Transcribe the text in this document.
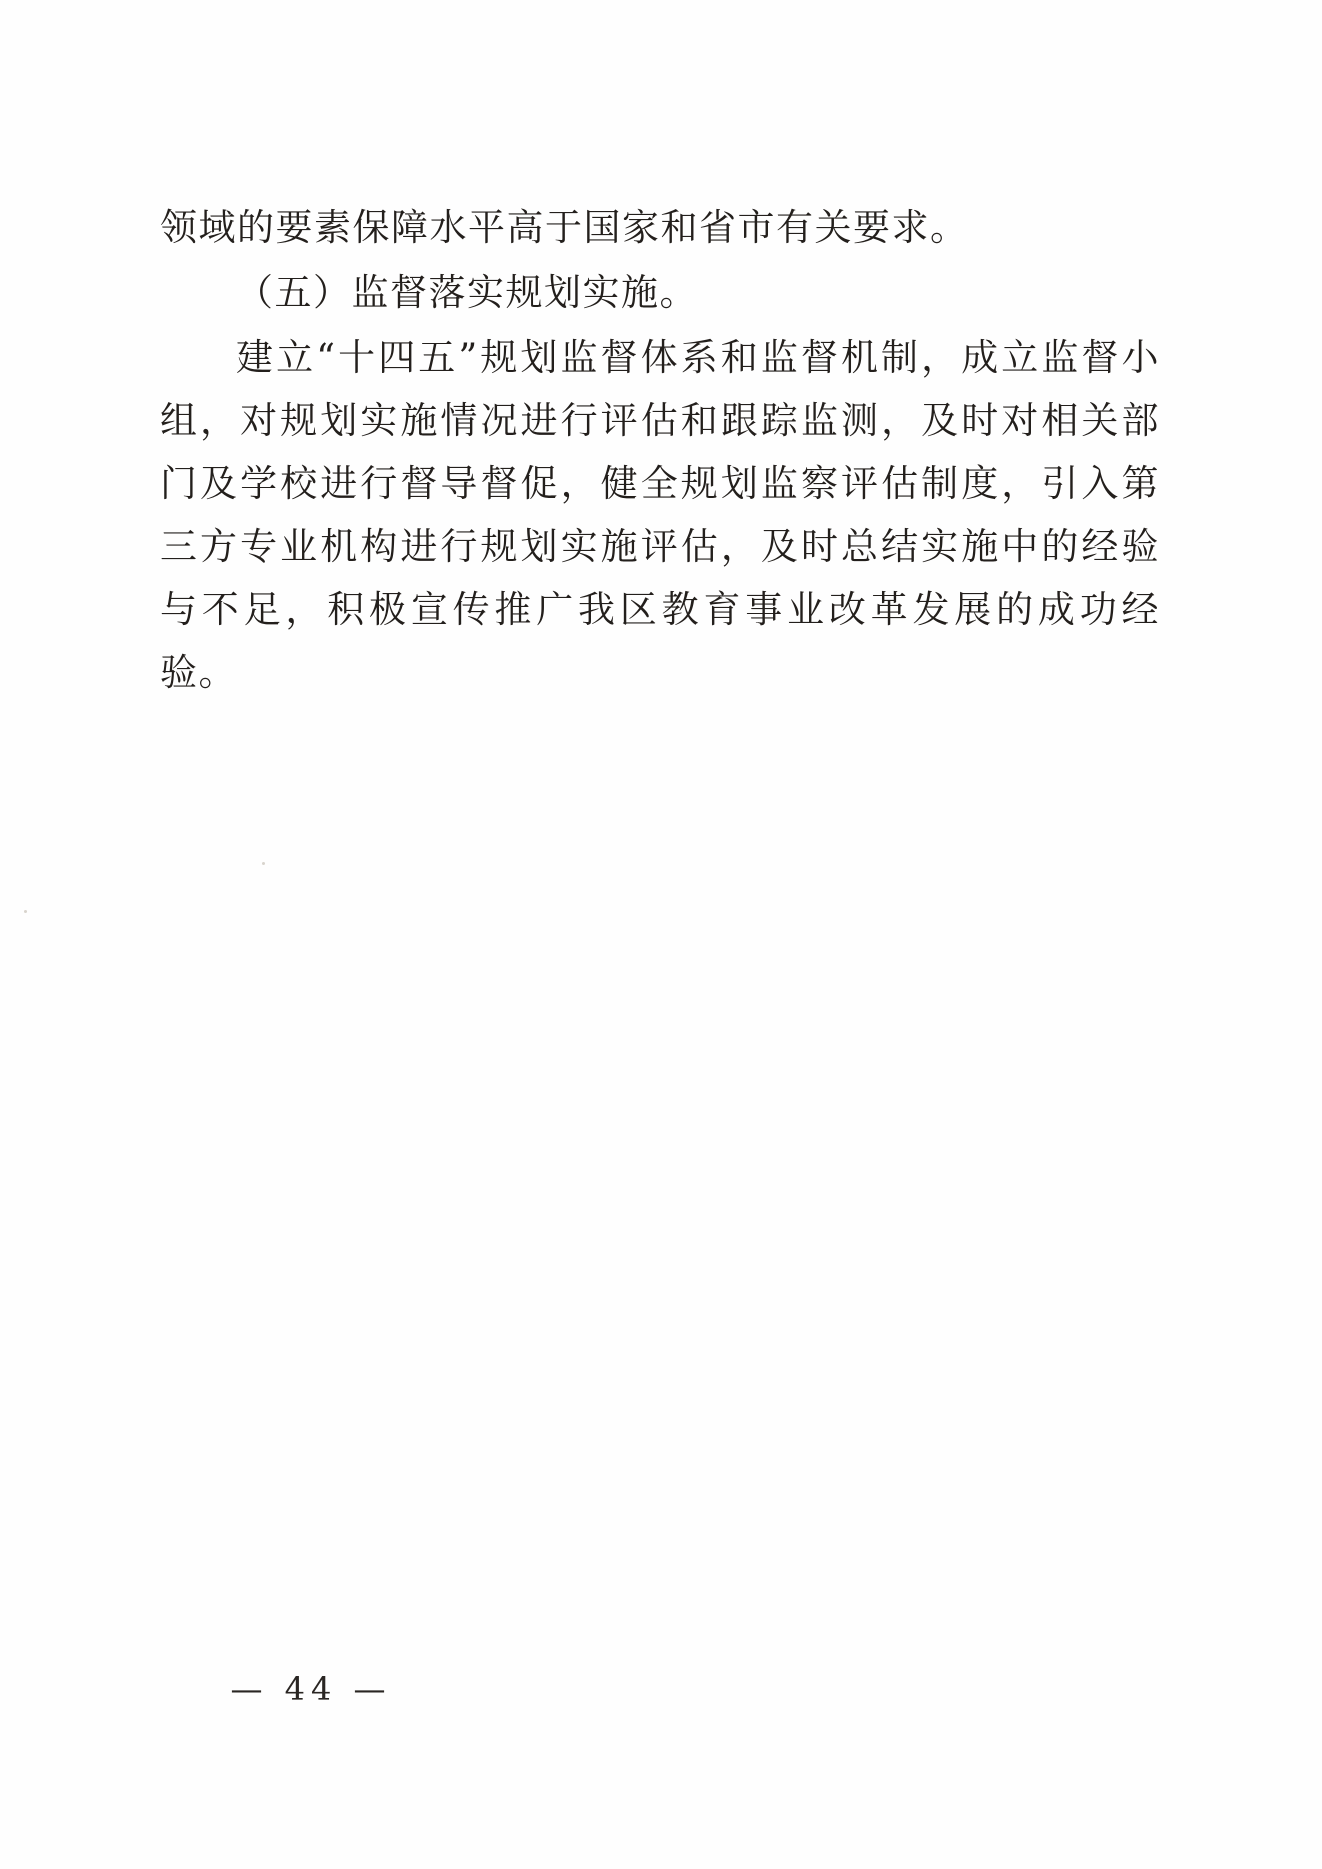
领域的要素保障水平高于国家和省市有关要求。

（五）监督落实规划实施。

建立“十四五”规划监督体系和监督机制，成立监督小组，对规划实施情况进行评估和跟踪监测，及时对相关部门及学校进行督导督促，健全规划监察评估制度，引入第三方专业机构进行规划实施评估，及时总结实施中的经验与不足，积极宣传推广我区教育事业改革发展的成功经验。

— 44 —
